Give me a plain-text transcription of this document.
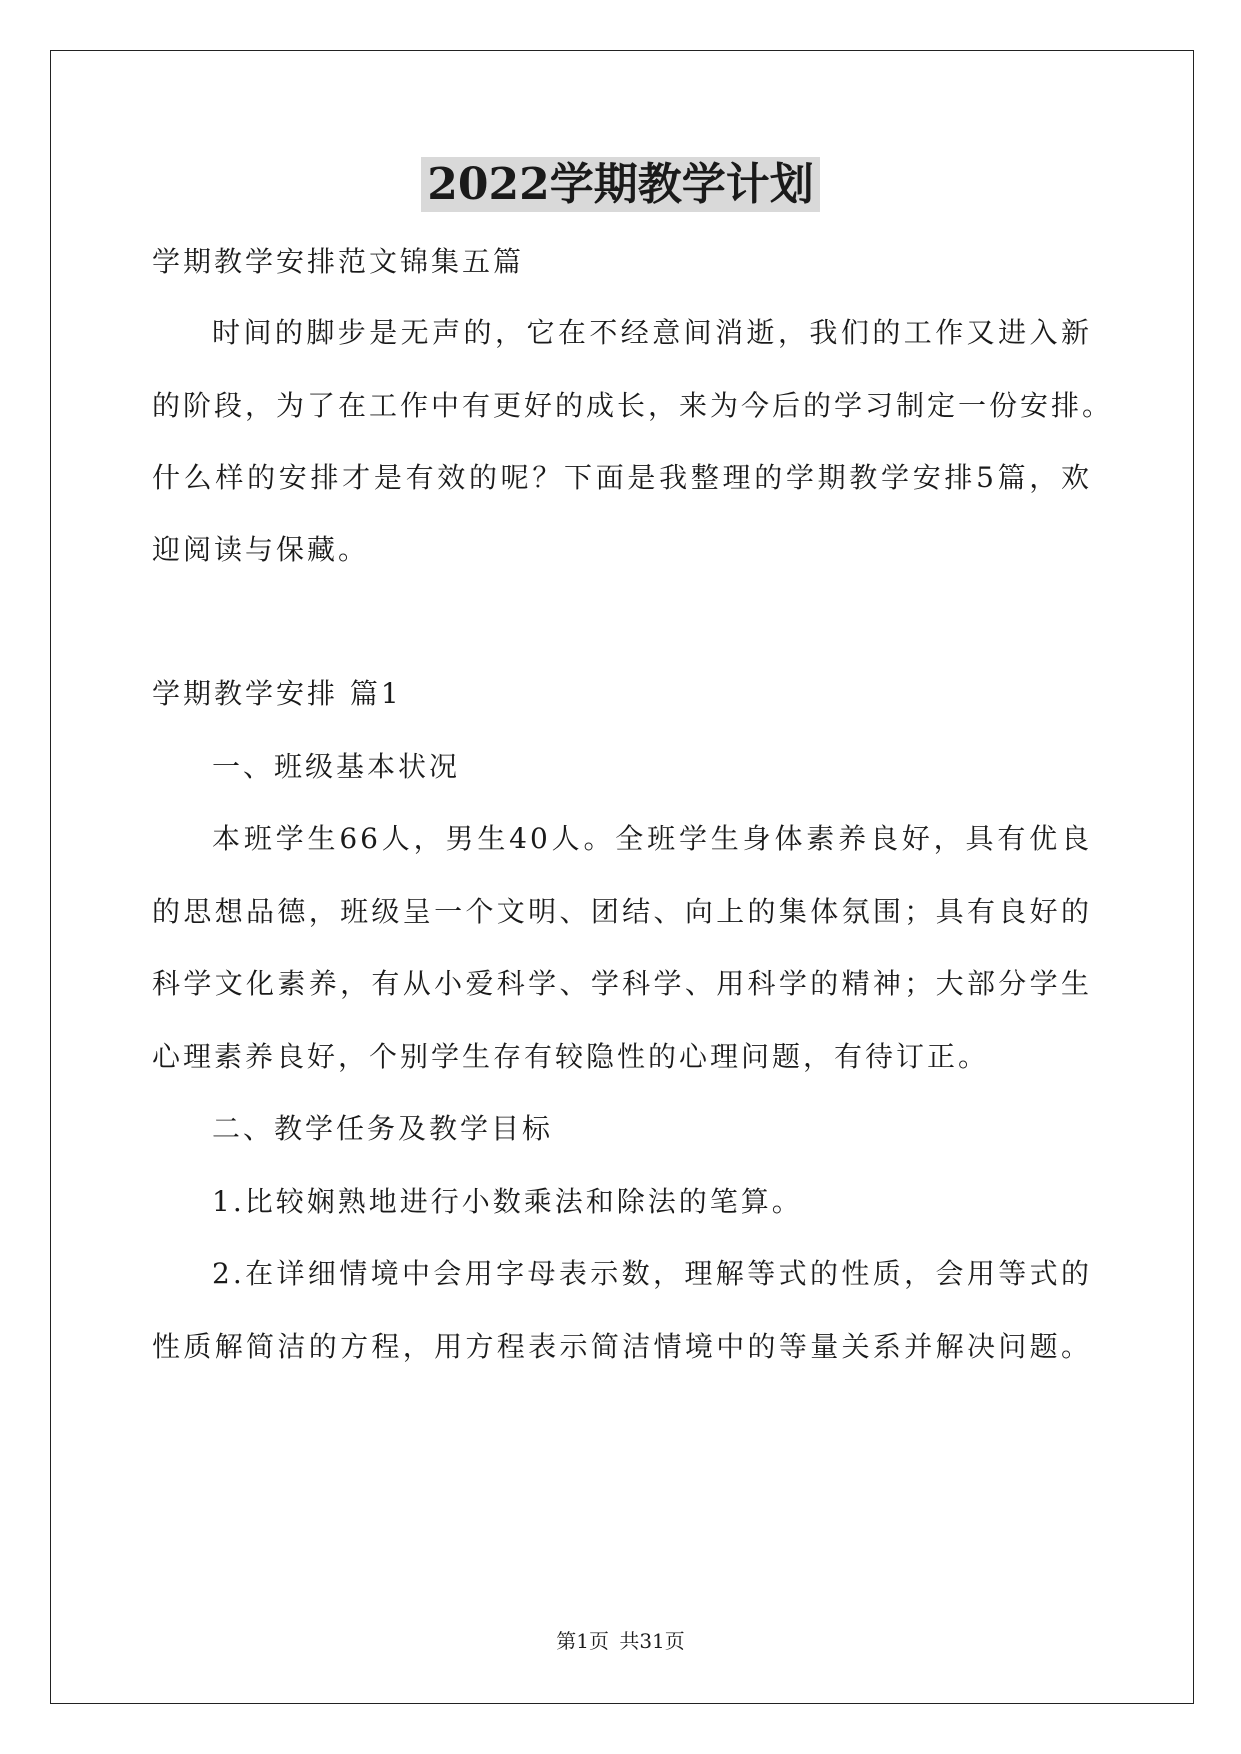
2022学期教学计划
学期教学安排范文锦集五篇
时间的脚步是无声的，它在不经意间消逝，我们的工作又进入新
的阶段，为了在工作中有更好的成长，来为今后的学习制定一份安排。
什么样的安排才是有效的呢？下面是我整理的学期教学安排5篇，欢
迎阅读与保藏。
学期教学安排 篇1
一、班级基本状况
本班学生66人，男生40人。全班学生身体素养良好，具有优良
的思想品德，班级呈一个文明、团结、向上的集体氛围；具有良好的
科学文化素养，有从小爱科学、学科学、用科学的精神；大部分学生
心理素养良好，个别学生存有较隐性的心理问题，有待订正。
二、教学任务及教学目标
1.比较娴熟地进行小数乘法和除法的笔算。
2.在详细情境中会用字母表示数，理解等式的性质，会用等式的
性质解简洁的方程，用方程表示简洁情境中的等量关系并解决问题。
第1页 共31页
